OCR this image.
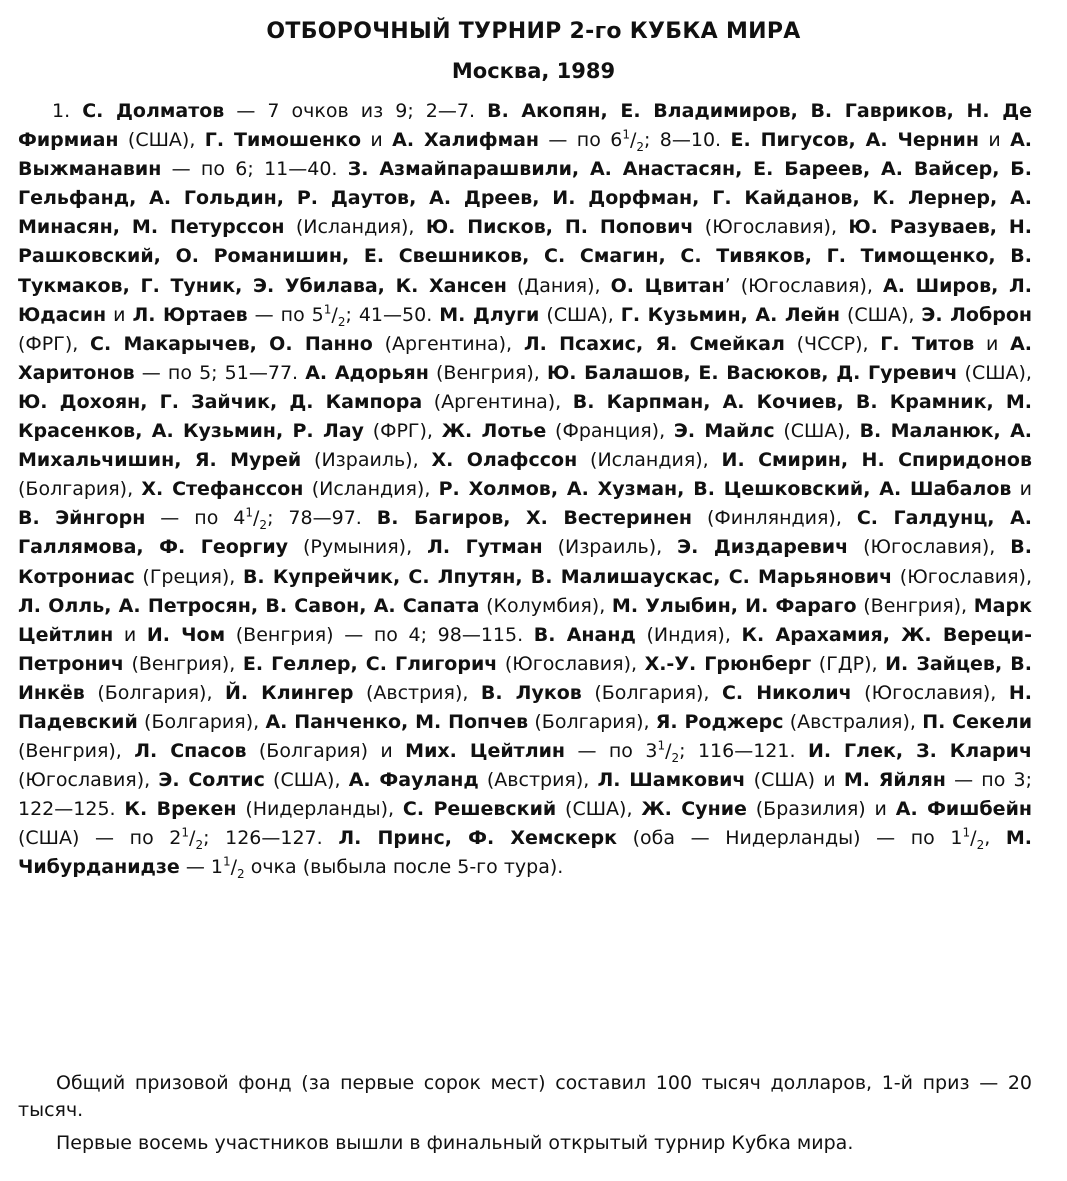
ОТБОРОЧНЫЙ ТУРНИР 2-го КУБКА МИРА
Москва, 1989
1. С. Долматов — 7 очков из 9; 2—7. В. Акопян, Е. Владимиров, В. Гавриков, Н. Де Фирмиан (США), Г. Тимошенко и А. Халифман — по $6^1/_2$; 8—10. Е. Пигусов, А. Чернин и А. Выжманавин — по 6; 11—40. З. Азмайпарашвили, А. Анастасян, Е. Бареев, А. Вайсер, Б. Гельфанд, А. Гольдин, Р. Даутов, А. Дреев, И. Дорфман, Г. Кайданов, К. Лернер, А. Минасян, М. Петурссон (Исландия), Ю. Писков, П. Попович (Югославия), Ю. Разуваев, Н. Рашковский, О. Романишин, Е. Свешников, С. Смагин, С. Тивяков, Г. Тимощенко, В. Тукмаков, Г. Туник, Э. Убилава, К. Хансен (Дания), О. Цвитанʼ (Югославия), А. Широв, Л. Юдасин и Л. Юртаев — по $5^1/_2$; 41—50. М. Длуги (США), Г. Кузьмин, А. Лейн (США), Э. Лоброн (ФРГ), С. Макарычев, О. Панно (Аргентина), Л. Псахис, Я. Смейкал (ЧССР), Г. Титов и А. Харитонов — по 5; 51—77. А. Адорьян (Венгрия), Ю. Балашов, Е. Васюков, Д. Гуревич (США), Ю. Дохоян, Г. Зайчик, Д. Кампора (Аргентина), В. Карпман, А. Кочиев, В. Крамник, М. Красенков, А. Кузьмин, Р. Лау (ФРГ), Ж. Лотье (Франция), Э. Майлс (США), В. Маланюк, А. Михальчишин, Я. Мурей (Израиль), Х. Олафссон (Исландия), И. Смирин, Н. Спиридонов (Болгария), Х. Стефанссон (Исландия), Р. Холмов, А. Хузман, В. Цешковский, А. Шабалов и В. Эйнгорн — по $4^1/_2$; 78—97. В. Багиров, Х. Вестеринен (Финляндия), С. Галдунц, А. Галлямова, Ф. Георгиу (Румыния), Л. Гутман (Израиль), Э. Диздаревич (Югославия), В. Котрониас (Греция), В. Купрейчик, С. Лпутян, В. Малишаускас, С. Марьянович (Югославия), Л. Олль, А. Петросян, В. Савон, А. Сапата (Колумбия), М. Улыбин, И. Фараго (Венгрия), Марк Цейтлин и И. Чом (Венгрия) — по 4; 98—115. В. Ананд (Индия), К. Арахамия, Ж. Вереци-Петронич (Венгрия), Е. Геллер, С. Глигорич (Югославия), Х.-У. Грюнберг (ГДР), И. Зайцев, В. Инкёв (Болгария), Й. Клингер (Австрия), В. Луков (Болгария), С. Николич (Югославия), Н. Падевский (Болгария), А. Панченко, М. Попчев (Болгария), Я. Роджерс (Австралия), П. Секели (Венгрия), Л. Спасов (Болгария) и Мих. Цейтлин — по $3^1/_2$; 116—121. И. Глек, З. Кларич (Югославия), Э. Солтис (США), А. Фауланд (Австрия), Л. Шамкович (США) и М. Яйлян — по 3; 122—125. К. Врекен (Нидерланды), С. Решевский (США), Ж. Суние (Бразилия) и А. Фишбейн (США) — по $2^1/_2$; 126—127. Л. Принс, Ф. Хемскерк (оба — Нидерланды) — по $1^1/_2$, М. Чибурданидзе — $1^1/_2$ очка (выбыла после 5-го тура).
Общий призовой фонд (за первые сорок мест) составил 100 тысяч долларов, 1-й приз — 20 тысяч.
Первые восемь участников вышли в финальный открытый турнир Кубка мира.
